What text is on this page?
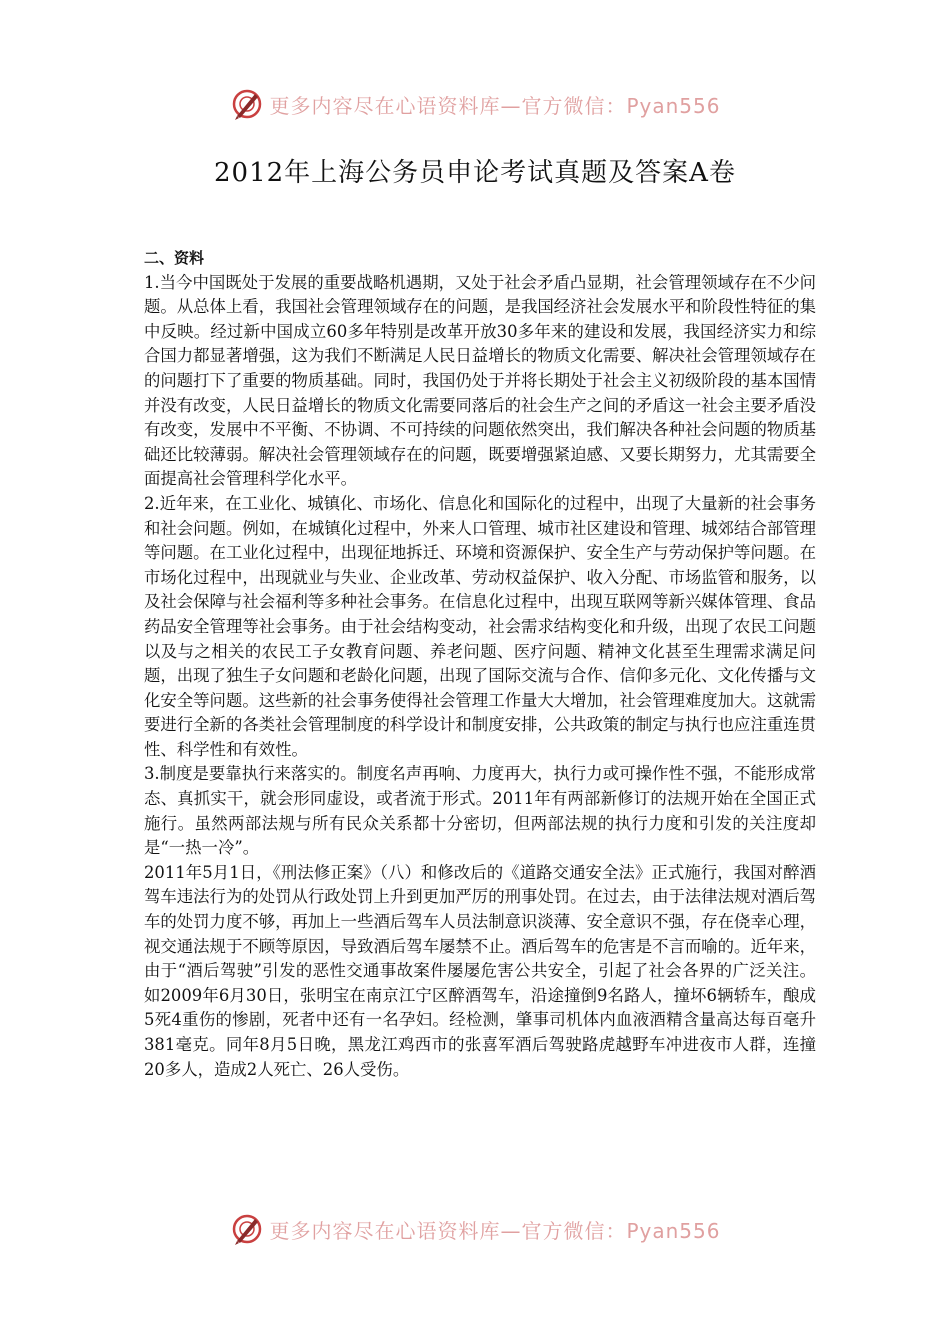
更多内容尽在心语资料库—官方微信：Pyan556
2012年上海公务员申论考试真题及答案A卷

二、资料

1.当今中国既处于发展的重要战略机遇期，又处于社会矛盾凸显期，社会管理领域存在不少问题。从总体上看，我国社会管理领域存在的问题，是我国经济社会发展水平和阶段性特征的集中反映。经过新中国成立60多年特别是改革开放30多年来的建设和发展，我国经济实力和综合国力都显著增强，这为我们不断满足人民日益增长的物质文化需要、解决社会管理领域存在的问题打下了重要的物质基础。同时，我国仍处于并将长期处于社会主义初级阶段的基本国情并没有改变，人民日益增长的物质文化需要同落后的社会生产之间的矛盾这一社会主要矛盾没有改变，发展中不平衡、不协调、不可持续的问题依然突出，我们解决各种社会问题的物质基础还比较薄弱。解决社会管理领域存在的问题，既要增强紧迫感、又要长期努力，尤其需要全面提高社会管理科学化水平。

2.近年来，在工业化、城镇化、市场化、信息化和国际化的过程中，出现了大量新的社会事务和社会问题。例如，在城镇化过程中，外来人口管理、城市社区建设和管理、城郊结合部管理等问题。在工业化过程中，出现征地拆迁、环境和资源保护、安全生产与劳动保护等问题。在市场化过程中，出现就业与失业、企业改革、劳动权益保护、收入分配、市场监管和服务，以及社会保障与社会福利等多种社会事务。在信息化过程中，出现互联网等新兴媒体管理、食品药品安全管理等社会事务。由于社会结构变动，社会需求结构变化和升级，出现了农民工问题以及与之相关的农民工子女教育问题、养老问题、医疗问题、精神文化甚至生理需求满足问题，出现了独生子女问题和老龄化问题，出现了国际交流与合作、信仰多元化、文化传播与文化安全等问题。这些新的社会事务使得社会管理工作量大大增加，社会管理难度加大。这就需要进行全新的各类社会管理制度的科学设计和制度安排，公共政策的制定与执行也应注重连贯性、科学性和有效性。

3.制度是要靠执行来落实的。制度名声再响、力度再大，执行力或可操作性不强，不能形成常态、真抓实干，就会形同虚设，或者流于形式。2011年有两部新修订的法规开始在全国正式施行。虽然两部法规与所有民众关系都十分密切，但两部法规的执行力度和引发的关注度却是“一热一冷”。

2011年5月1日，《刑法修正案》（八）和修改后的《道路交通安全法》正式施行，我国对醉酒驾车违法行为的处罚从行政处罚上升到更加严厉的刑事处罚。在过去，由于法律法规对酒后驾车的处罚力度不够，再加上一些酒后驾车人员法制意识淡薄、安全意识不强，存在侥幸心理，视交通法规于不顾等原因，导致酒后驾车屡禁不止。酒后驾车的危害是不言而喻的。近年来，由于“酒后驾驶”引发的恶性交通事故案件屡屡危害公共安全，引起了社会各界的广泛关注。如2009年6月30日，张明宝在南京江宁区醉酒驾车，沿途撞倒9名路人，撞坏6辆轿车，酿成5死4重伤的惨剧，死者中还有一名孕妇。经检测，肇事司机体内血液酒精含量高达每百毫升381毫克。同年8月5日晚，黑龙江鸡西市的张喜军酒后驾驶路虎越野车冲进夜市人群，连撞20多人，造成2人死亡、26人受伤。

更多内容尽在心语资料库—官方微信：Pyan556
